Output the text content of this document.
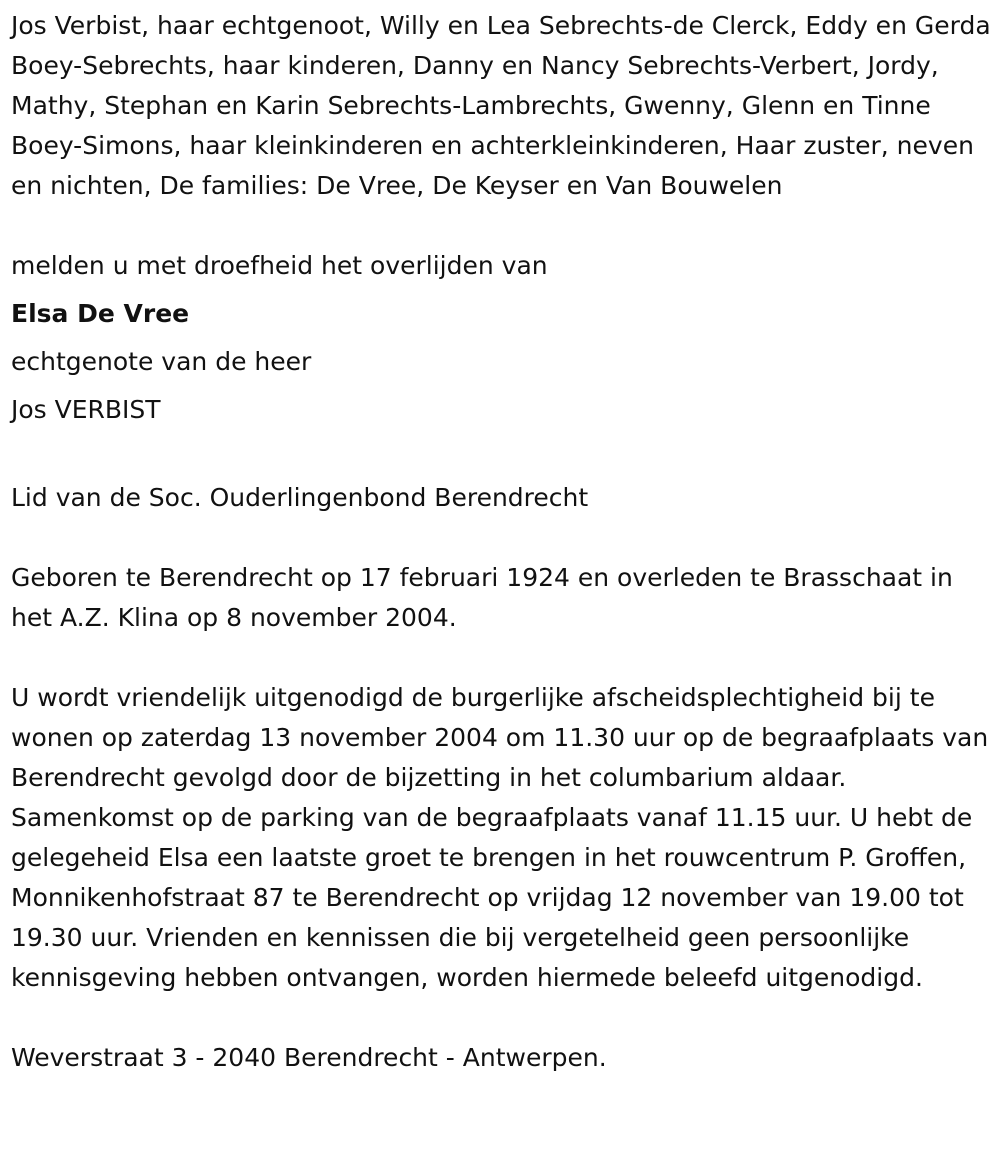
Jos Verbist, haar echtgenoot, Willy en Lea Sebrechts-de Clerck, Eddy en Gerda Boey-Sebrechts, haar kinderen, Danny en Nancy Sebrechts-Verbert, Jordy, Mathy, Stephan en Karin Sebrechts-Lambrechts, Gwenny, Glenn en Tinne Boey-Simons, haar kleinkinderen en achterkleinkinderen, Haar zuster, neven en nichten, De families: De Vree, De Keyser en Van Bouwelen

melden u met droefheid het overlijden van

Elsa De Vree

echtgenote van de heer

Jos VERBIST

Lid van de Soc. Ouderlingenbond Berendrecht

Geboren te Berendrecht op 17 februari 1924 en overleden te Brasschaat in het A.Z. Klina op 8 november 2004.

U wordt vriendelijk uitgenodigd de burgerlijke afscheidsplechtigheid bij te wonen op zaterdag 13 november 2004 om 11.30 uur op de begraafplaats van Berendrecht gevolgd door de bijzetting in het columbarium aldaar. Samenkomst op de parking van de begraafplaats vanaf 11.15 uur. U hebt de gelegeheid Elsa een laatste groet te brengen in het rouwcentrum P. Groffen, Monnikenhofstraat 87 te Berendrecht op vrijdag 12 november van 19.00 tot 19.30 uur. Vrienden en kennissen die bij vergetelheid geen persoonlijke kennisgeving hebben ontvangen, worden hiermede beleefd uitgenodigd.

Weverstraat 3 - 2040 Berendrecht - Antwerpen.
